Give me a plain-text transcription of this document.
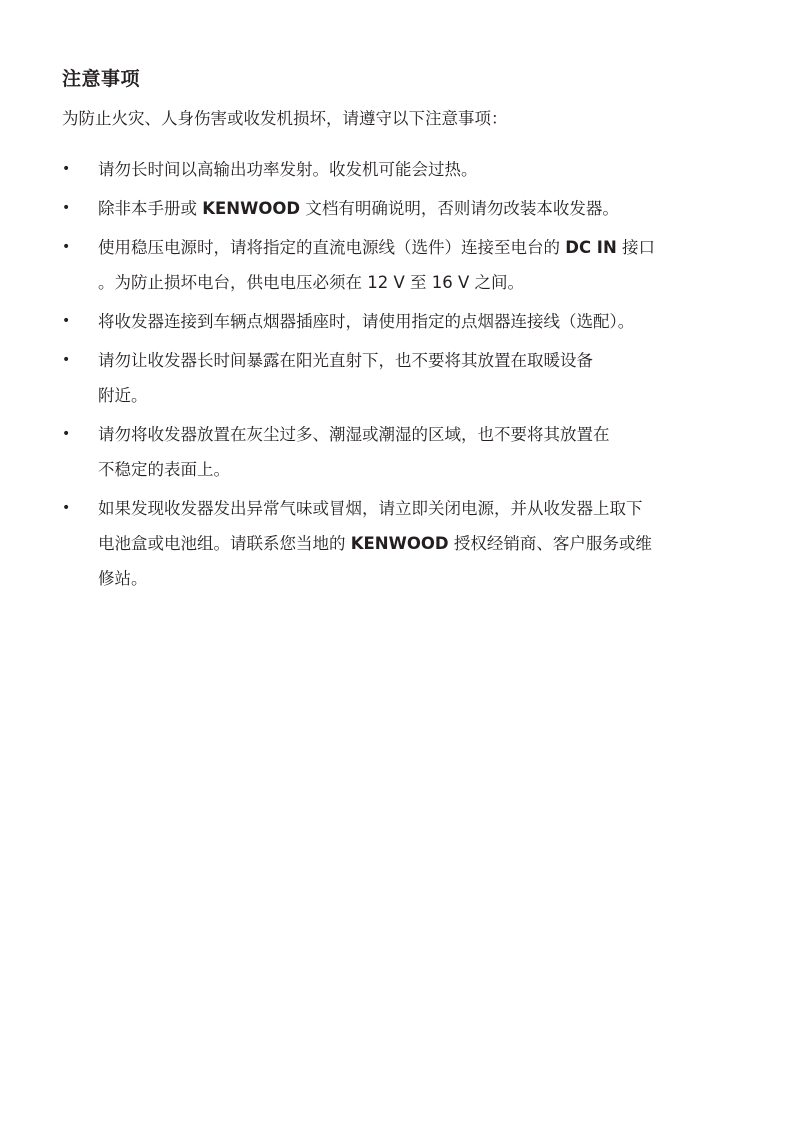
注意事项

为防止火灾、人身伤害或收发机损坏，请遵守以下注意事项：

• 请勿长时间以高输出功率发射。收发机可能会过热。
• 除非本手册或 KENWOOD 文档有明确说明，否则请勿改装本收发器。
• 使用稳压电源时，请将指定的直流电源线（选件）连接至电台的 DC IN 接口
。为防止损坏电台，供电电压必须在 12 V 至 16 V 之间。
• 将收发器连接到车辆点烟器插座时，请使用指定的点烟器连接线（选配）。
• 请勿让收发器长时间暴露在阳光直射下，也不要将其放置在取暖设备
附近。
• 请勿将收发器放置在灰尘过多、潮湿或潮湿的区域，也不要将其放置在
不稳定的表面上。
• 如果发现收发器发出异常气味或冒烟，请立即关闭电源，并从收发器上取下
电池盒或电池组。请联系您当地的 KENWOOD 授权经销商、客户服务或维
修站。
